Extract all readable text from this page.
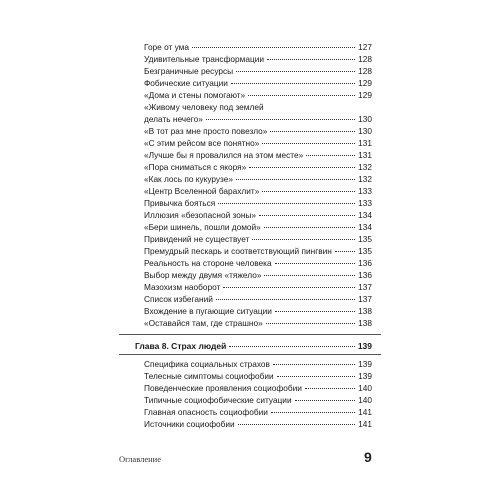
Горе от ума	127
Удивительные трансформации	128
Безграничные ресурсы	128
Фобические ситуации	129
«Дома и стены помогают»	129
«Живому человеку под землей
делать нечего»	130
«В тот раз мне просто повезло»	130
«С этим рейсом все понятно»	131
«Лучше бы я провалился на этом месте»	131
«Пора сниматься с якоря»	132
«Как лось по кукурузе»	132
«Центр Вселенной барахлит»	133
Привычка бояться	133
Иллюзия «безопасной зоны»	134
«Бери шинель, пошли домой»	134
Привидений не существует	135
Премудрый пескарь и соответствующий пингвин	135
Реальность на стороне человека	136
Выбор между двумя «тяжело»	136
Мазохизм наоборот	137
Список избеганий	137
Вхождение в пугающие ситуации	138
«Оставайся там, где страшно»	138
Глава 8. Страх людей	139
Специфика социальных страхов	139
Телесные симптомы социофобии	139
Поведенческие проявления социофобии	140
Типичные социофобические ситуации	140
Главная опасность социофобии	141
Источники социофобии	141
Оглавление	9
